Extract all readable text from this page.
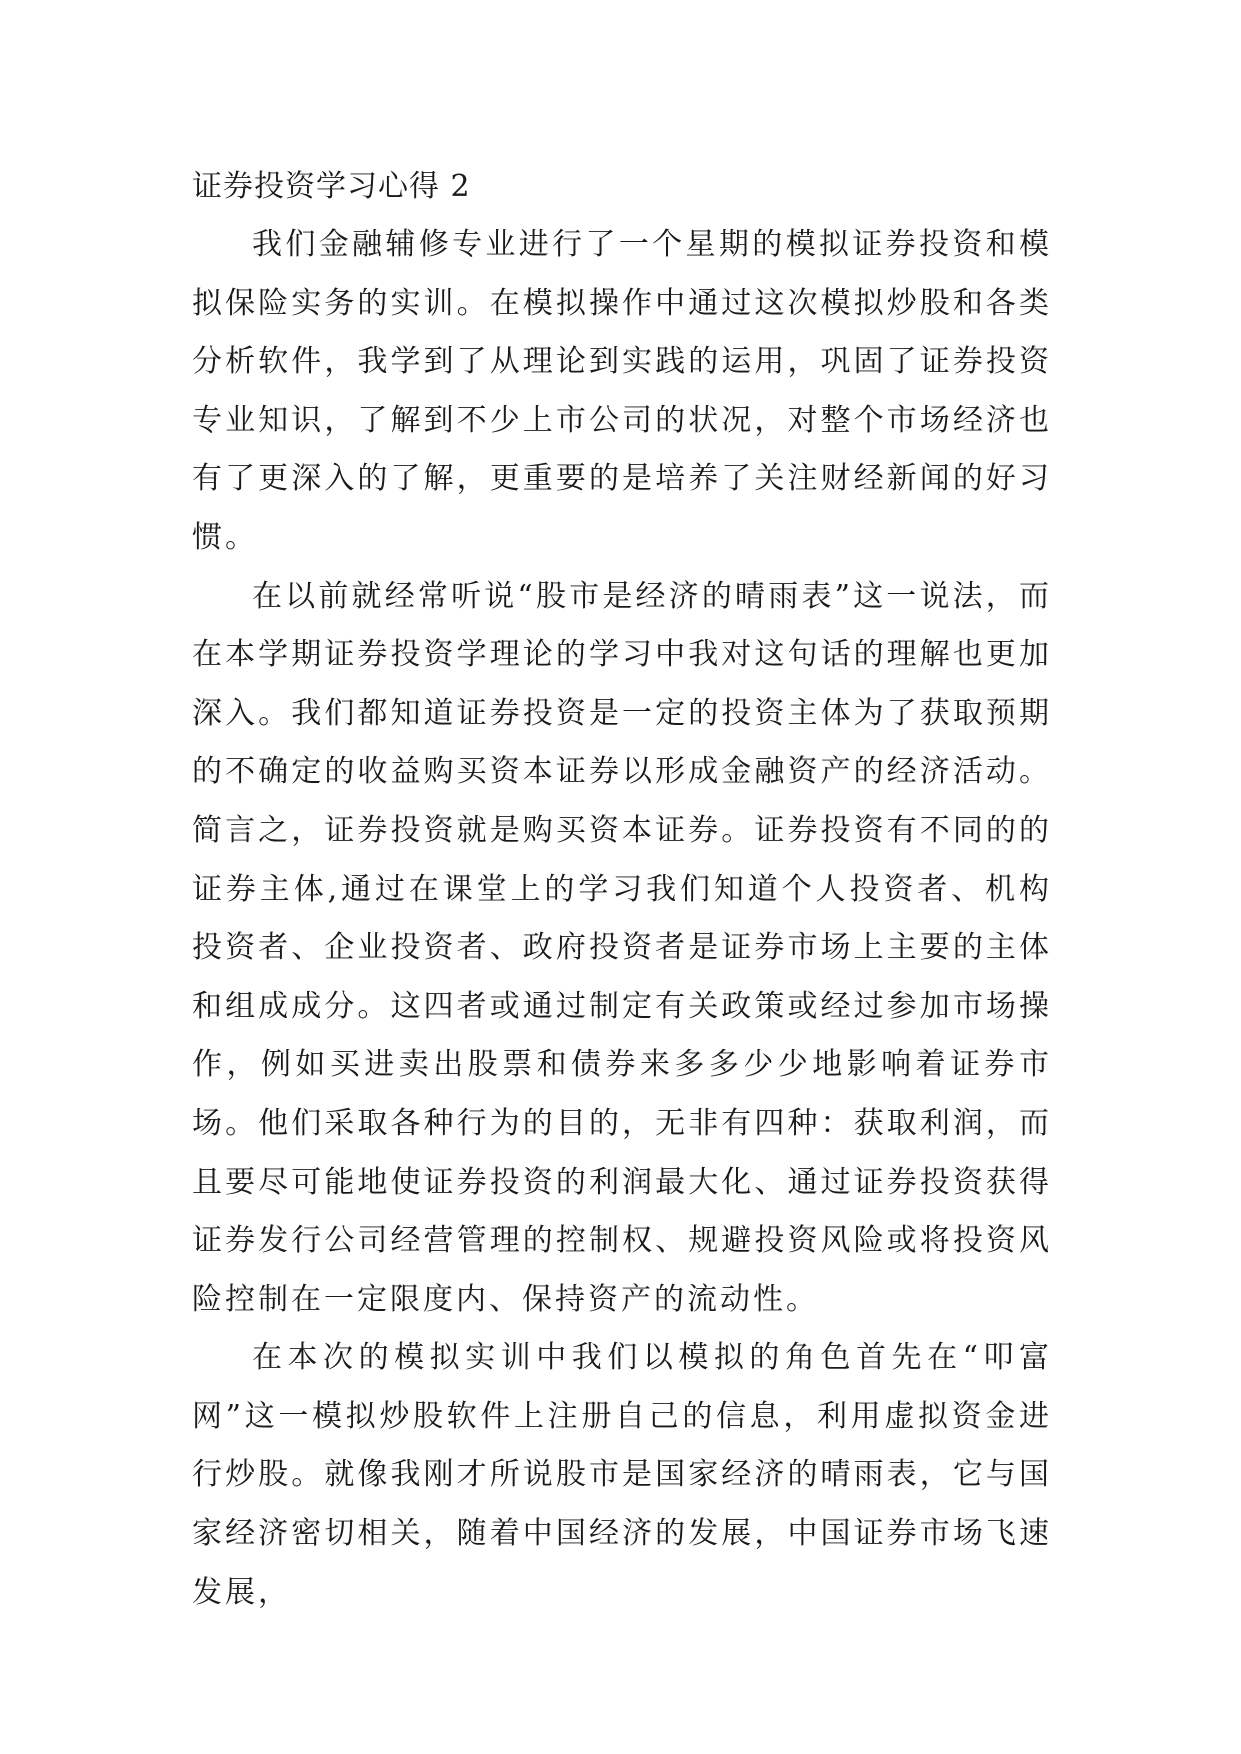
证券投资学习心得 2

我们金融辅修专业进行了一个星期的模拟证券投资和模拟保险实务的实训。在模拟操作中通过这次模拟炒股和各类分析软件，我学到了从理论到实践的运用，巩固了证券投资专业知识，了解到不少上市公司的状况，对整个市场经济也有了更深入的了解，更重要的是培养了关注财经新闻的好习惯。

在以前就经常听说“股市是经济的晴雨表”这一说法，而在本学期证券投资学理论的学习中我对这句话的理解也更加深入。我们都知道证券投资是一定的投资主体为了获取预期的不确定的收益购买资本证券以形成金融资产的经济活动。简言之，证券投资就是购买资本证券。证券投资有不同的的证券主体,通过在课堂上的学习我们知道个人投资者、机构投资者、企业投资者、政府投资者是证券市场上主要的主体和组成成分。这四者或通过制定有关政策或经过参加市场操作，例如买进卖出股票和债券来多多少少地影响着证券市场。他们采取各种行为的目的，无非有四种：获取利润，而且要尽可能地使证券投资的利润最大化、通过证券投资获得证券发行公司经营管理的控制权、规避投资风险或将投资风险控制在一定限度内、保持资产的流动性。

在本次的模拟实训中我们以模拟的角色首先在“叩富网”这一模拟炒股软件上注册自己的信息，利用虚拟资金进行炒股。就像我刚才所说股市是国家经济的晴雨表，它与国家经济密切相关，随着中国经济的发展，中国证券市场飞速发展，
